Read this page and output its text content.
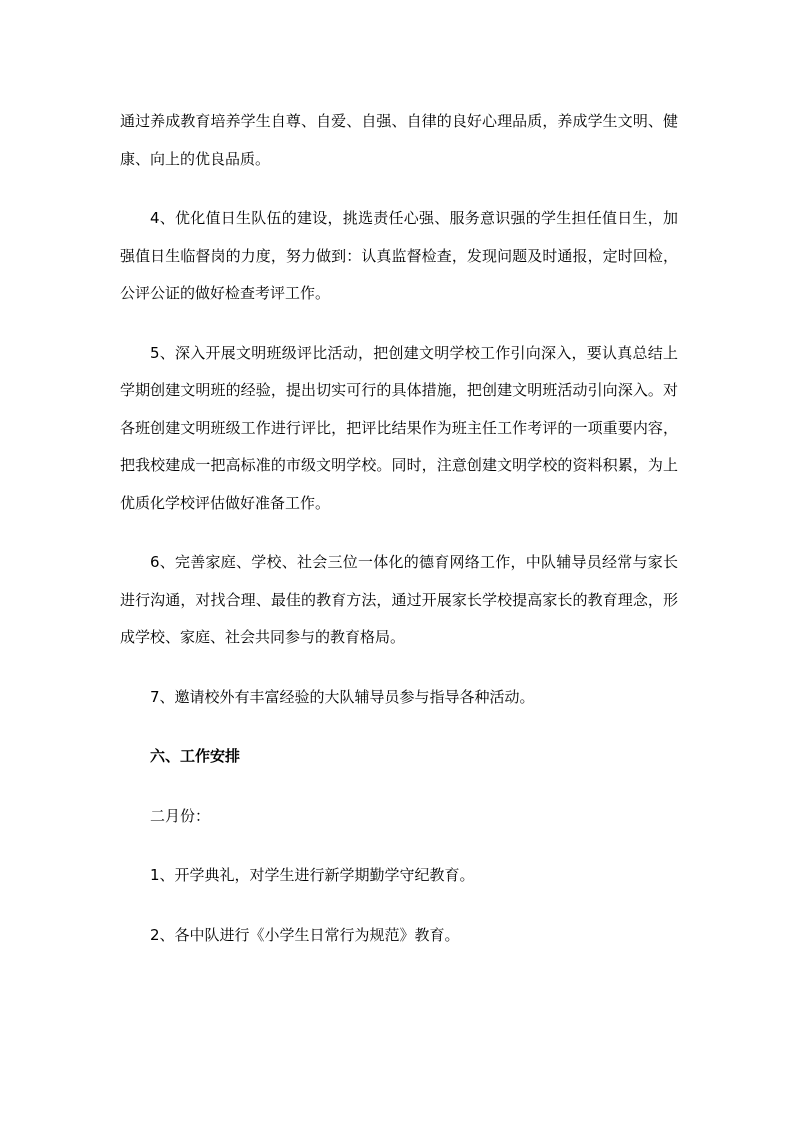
通过养成教育培养学生自尊、自爱、自强、自律的良好心理品质，养成学生文明、健康、向上的优良品质。

4、优化值日生队伍的建设，挑选责任心强、服务意识强的学生担任值日生，加强值日生临督岗的力度，努力做到：认真监督检查，发现问题及时通报，定时回检，公评公证的做好检查考评工作。

5、深入开展文明班级评比活动，把创建文明学校工作引向深入，要认真总结上学期创建文明班的经验，提出切实可行的具体措施，把创建文明班活动引向深入。对各班创建文明班级工作进行评比，把评比结果作为班主任工作考评的一项重要内容，把我校建成一把高标准的市级文明学校。同时，注意创建文明学校的资料积累，为上优质化学校评估做好准备工作。

6、完善家庭、学校、社会三位一体化的德育网络工作，中队辅导员经常与家长进行沟通，对找合理、最佳的教育方法，通过开展家长学校提高家长的教育理念，形成学校、家庭、社会共同参与的教育格局。

7、邀请校外有丰富经验的大队辅导员参与指导各种活动。

六、工作安排

二月份：

1、开学典礼，对学生进行新学期勤学守纪教育。

2、各中队进行《小学生日常行为规范》教育。
